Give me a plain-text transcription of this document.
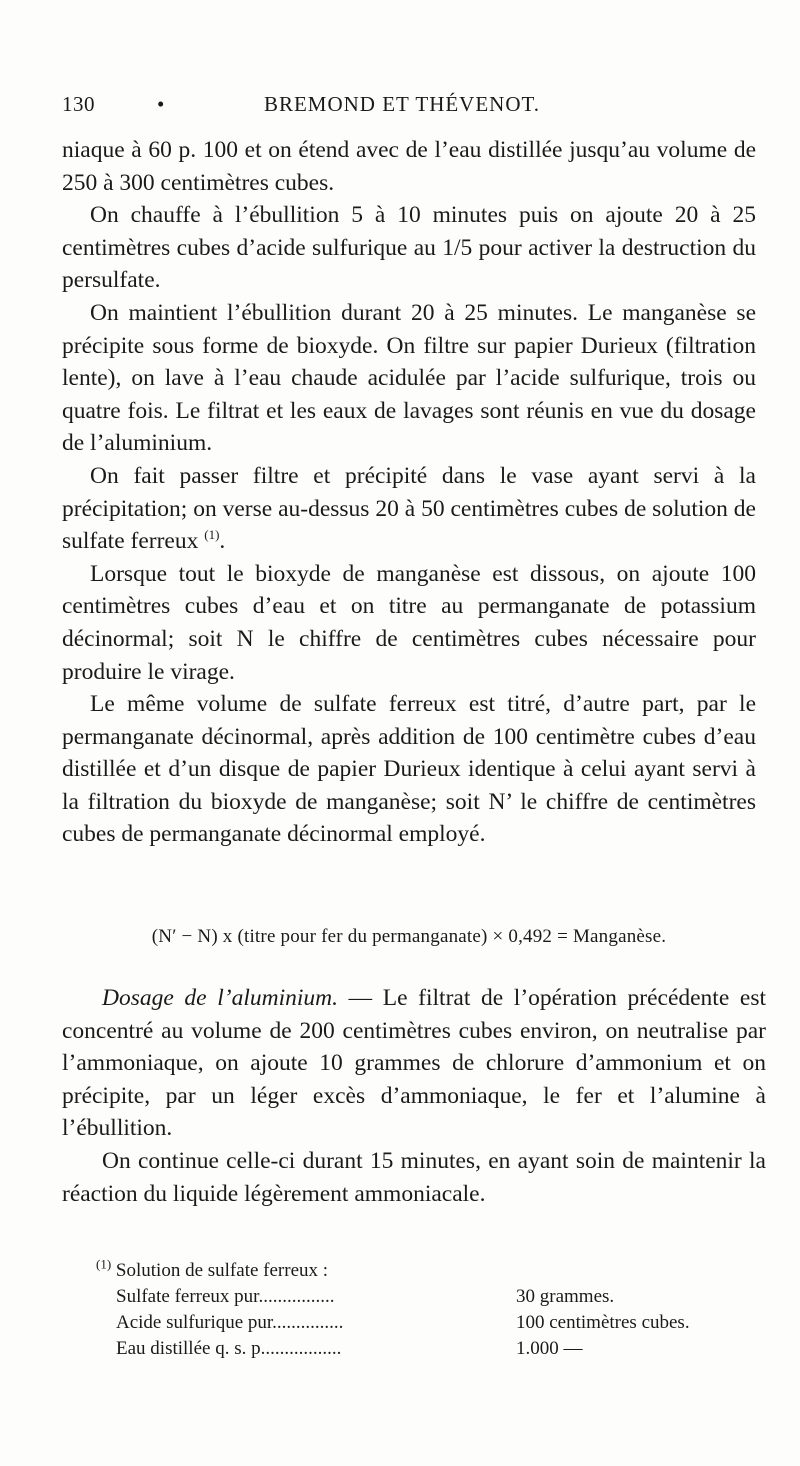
BREMOND ET THÉVENOT.
130	•

niaque à 60 p. 100 et on étend avec de l’eau distillée jusqu’au volume de 250 à 300 centimètres cubes.

On chauffe à l’ébullition 5 à 10 minutes puis on ajoute 20 à 25 centimètres cubes d’acide sulfurique au 1/5 pour activer la destruction du persulfate.

On maintient l’ébullition durant 20 à 25 minutes. Le manganèse se précipite sous forme de bioxyde. On filtre sur papier Durieux (filtration lente), on lave à l’eau chaude acidulée par l’acide sulfurique, trois ou quatre fois. Le filtrat et les eaux de lavages sont réunis en vue du dosage de l’aluminium.

On fait passer filtre et précipité dans le vase ayant servi à la précipitation; on verse au-dessus 20 à 50 centimètres cubes de solution de sulfate ferreux $^{(1)}$.

Lorsque tout le bioxyde de manganèse est dissous, on ajoute 100 centimètres cubes d’eau et on titre au permanganate de potassium décinormal; soit N le chiffre de centimètres cubes nécessaire pour produire le virage.

Le même volume de sulfate ferreux est titré, d’autre part, par le permanganate décinormal, après addition de 100 centimètre cubes d’eau distillée et d’un disque de papier Durieux identique à celui ayant servi à la filtration du bioxyde de manganèse; soit N’ le chiffre de centimètres cubes de permanganate décinormal employé.

(N′ − N) x (titre pour fer du permanganate) × 0,492 = Manganèse.

Dosage de l’aluminium. — Le filtrat de l’opération précédente est concentré au volume de 200 centimètres cubes environ, on neutralise par l’ammoniaque, on ajoute 10 grammes de chlorure d’ammonium et on précipite, par un léger excès d’ammoniaque, le fer et l’alumine à l’ébullition.

On continue celle-ci durant 15 minutes, en ayant soin de maintenir la réaction du liquide légèrement ammoniacale.

$^{(1)}$ Solution de sulfate ferreux :
Sulfate ferreux pur................	30 grammes.
Acide sulfurique pur...............	100 centimètres cubes.
Eau distillée q. s. p.................	1.000 —
